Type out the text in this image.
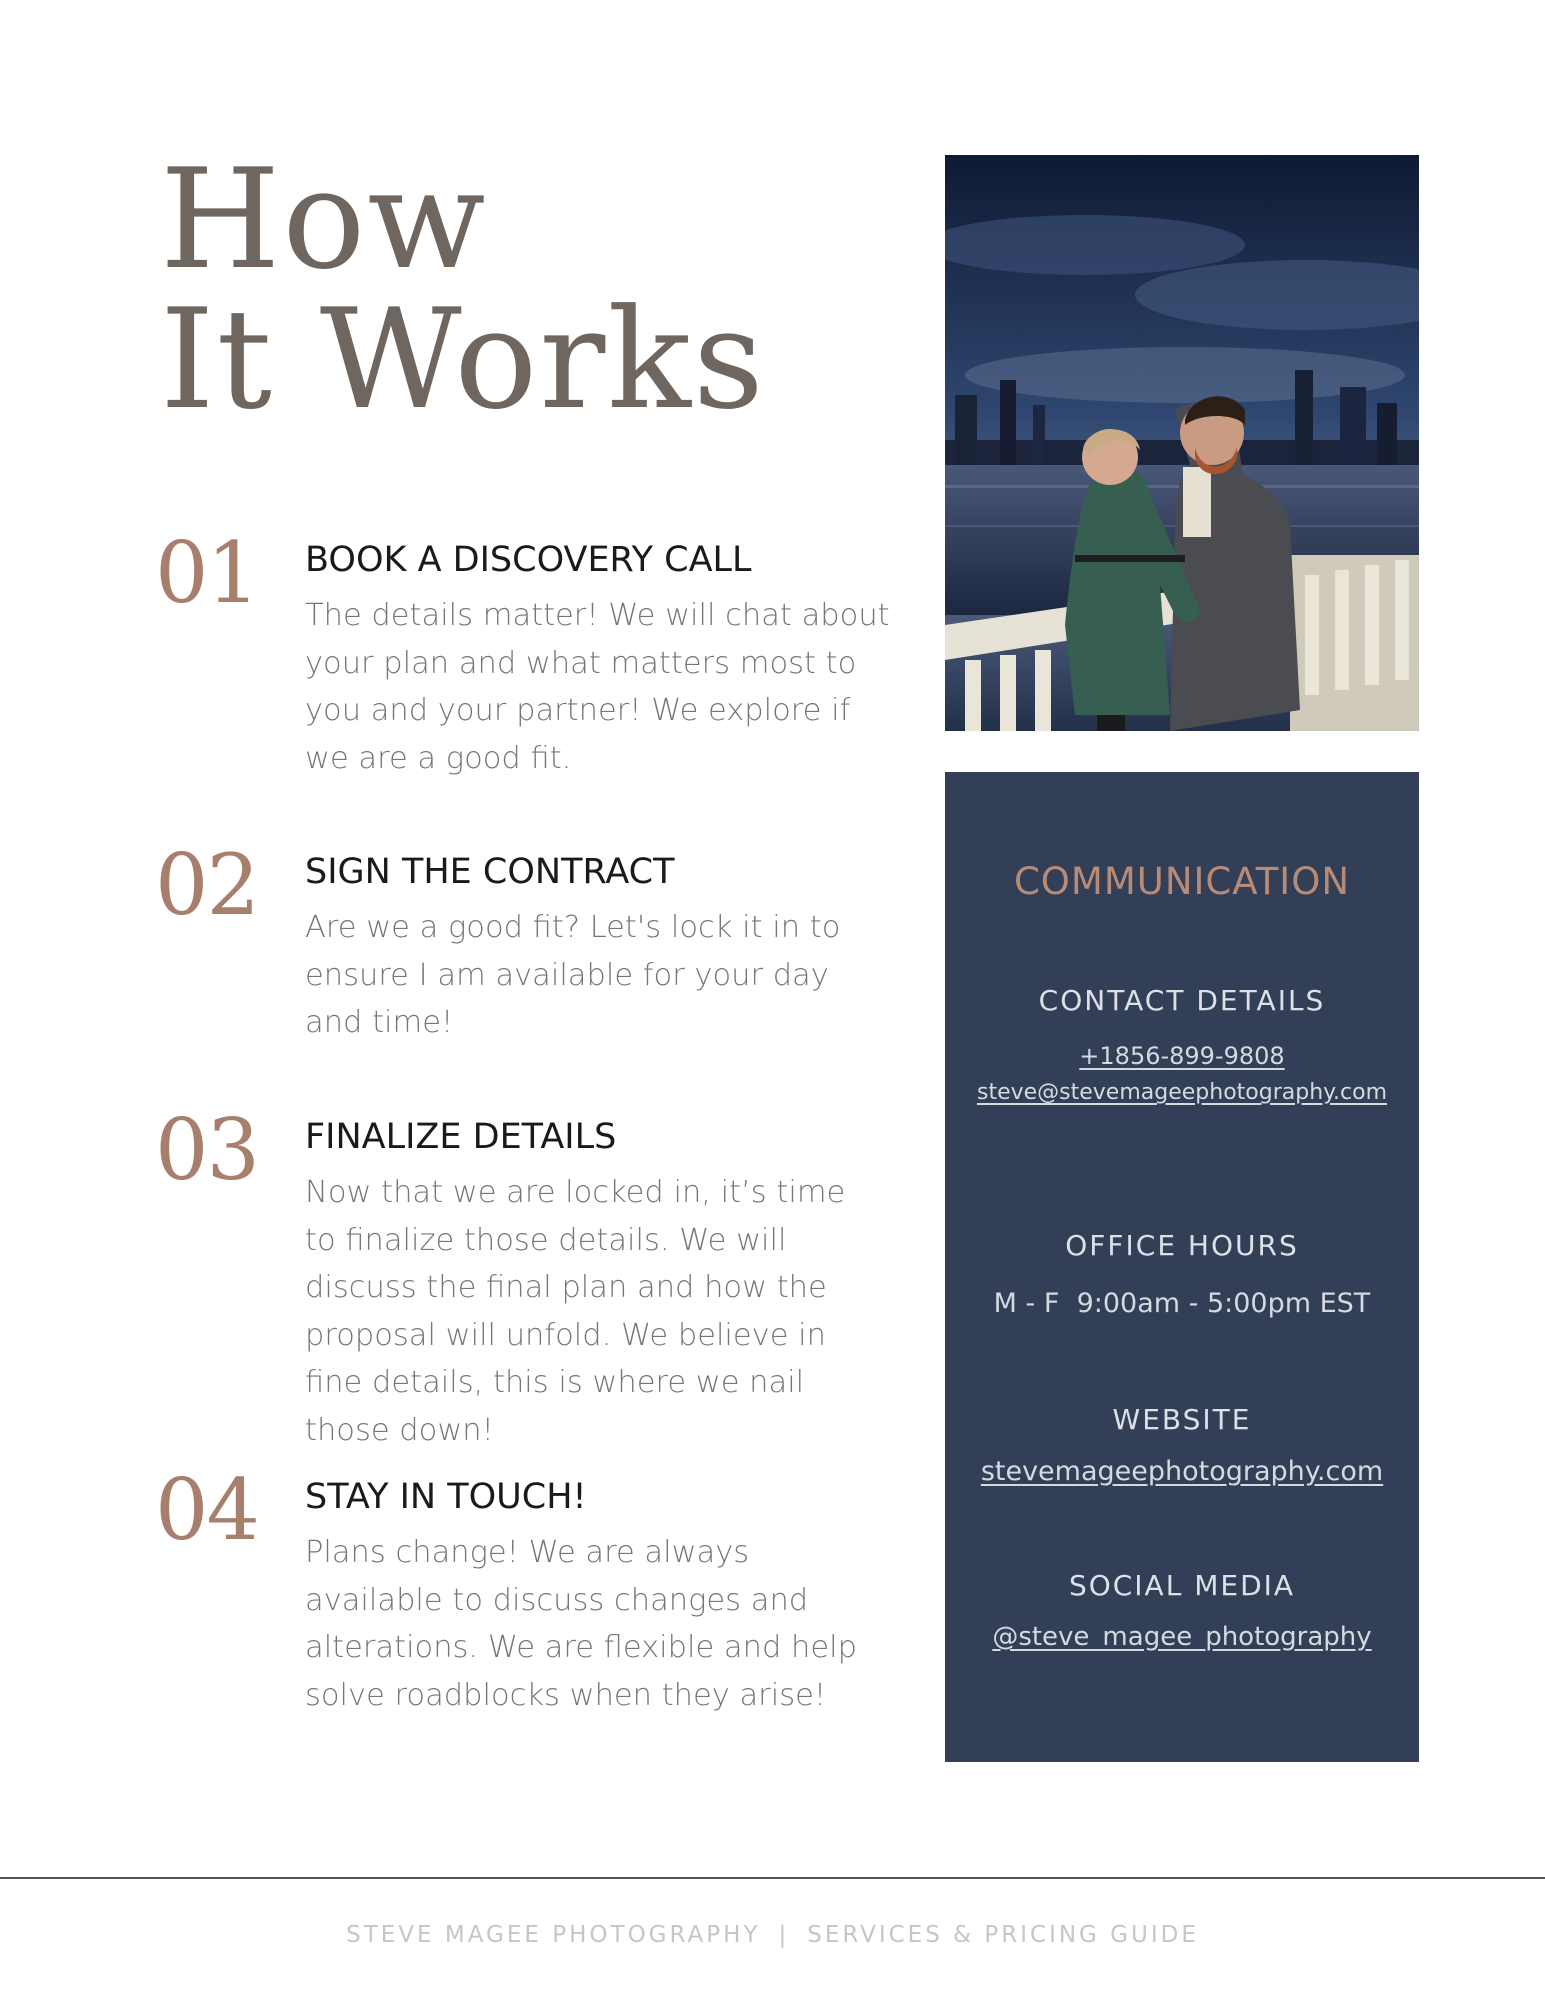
How
It Works
01 BOOK A DISCOVERY CALL

The details matter! We will chat about your plan and what matters most to you and your partner! We explore if we are a good fit.

02 SIGN THE CONTRACT

Are we a good fit? Let's lock it in to ensure I am available for your day and time!

03 FINALIZE DETAILS

Now that we are locked in, it’s time to finalize those details. We will discuss the final plan and how the proposal will unfold. We believe in fine details, this is where we nail those down!

04 STAY IN TOUCH!

Plans change! We are always available to discuss changes and alterations. We are flexible and help solve roadblocks when they arise!

COMMUNICATION
CONTACT DETAILS
+1856-899-9808
steve@stevemageephotography.com
OFFICE HOURS
M - F  9:00am - 5:00pm EST
WEBSITE
stevemageephotography.com
SOCIAL MEDIA
@steve_magee_photography
STEVE MAGEE PHOTOGRAPHY | SERVICES & PRICING GUIDE
